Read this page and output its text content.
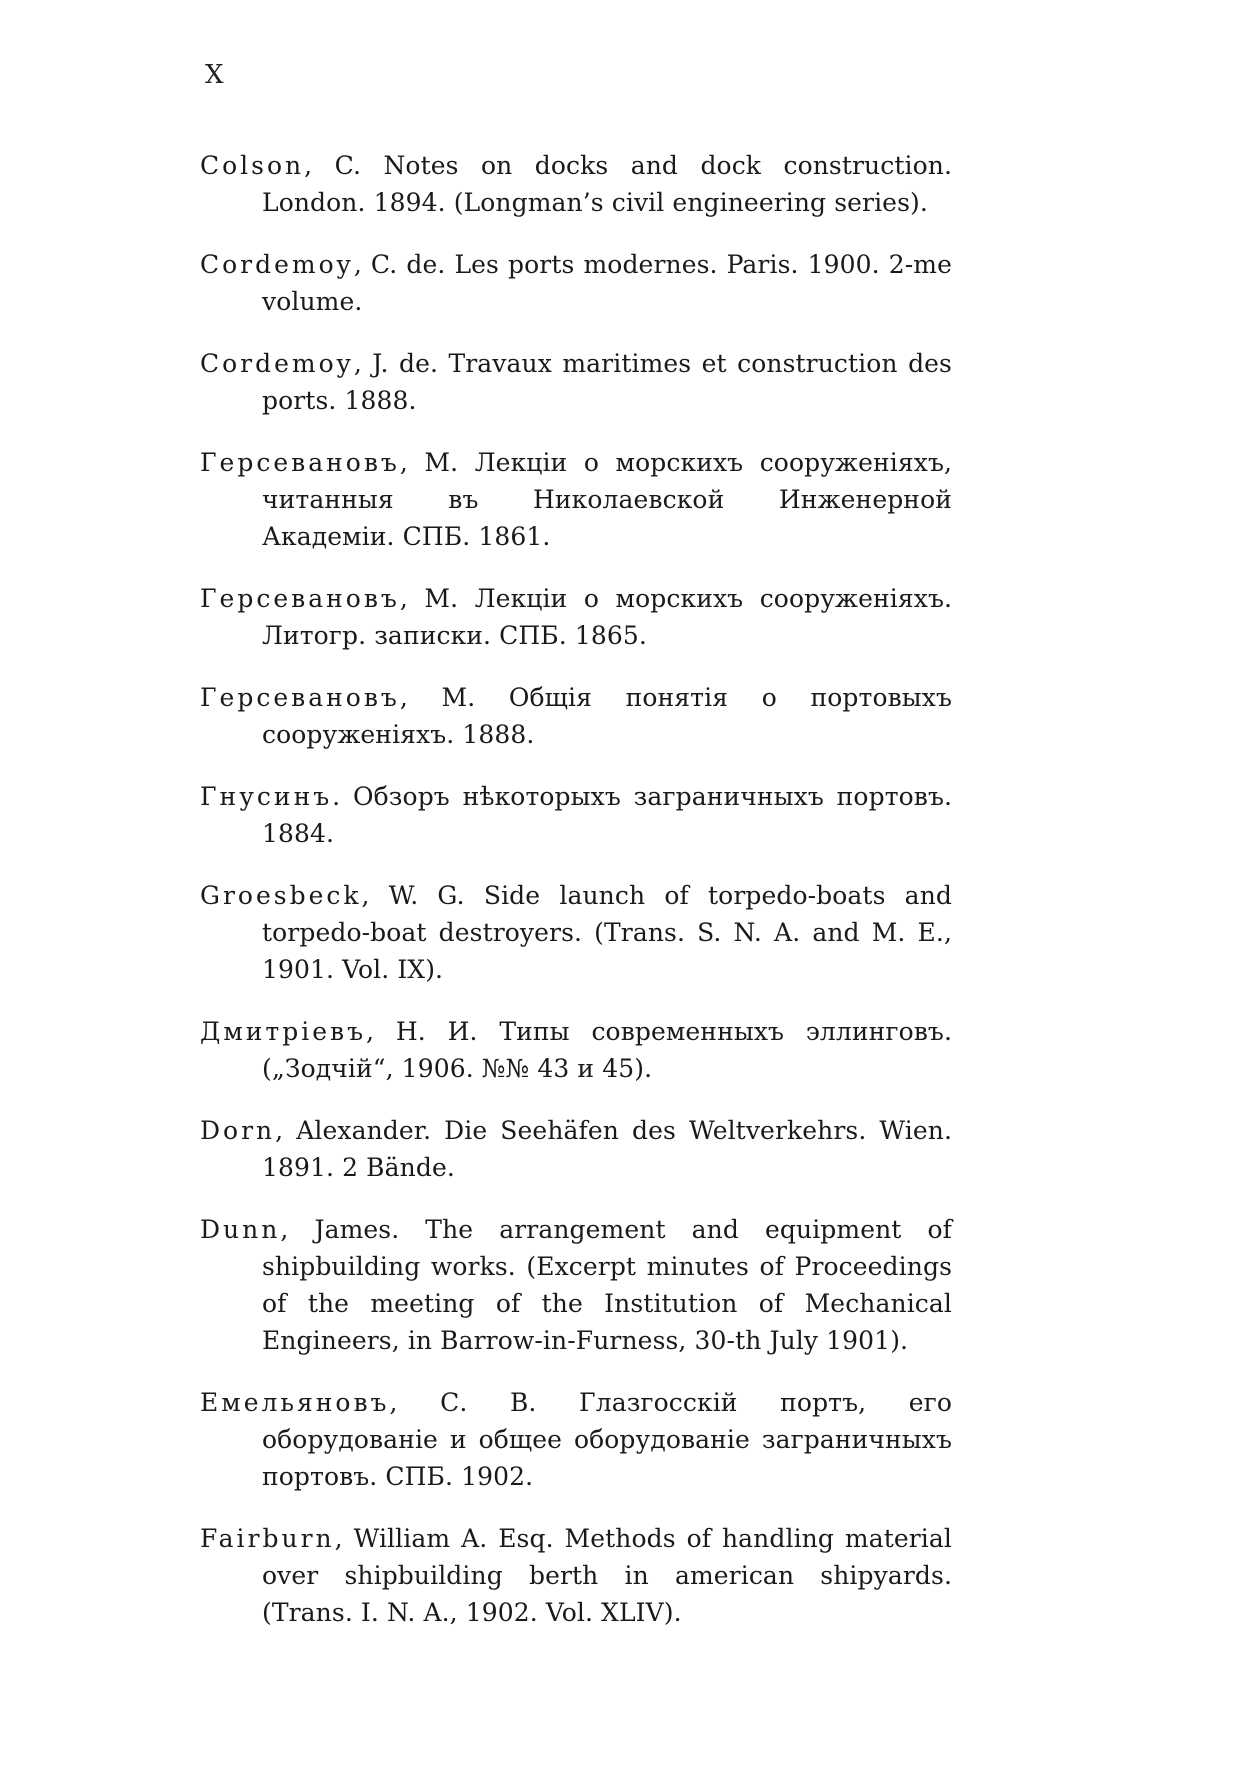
X

Colson, C. Notes on docks and dock construction. London. 1894. (Longman’s civil engineering series).

Cordemoy, C. de. Les ports modernes. Paris. 1900. 2-me volume.

Cordemoy, J. de. Travaux maritimes et construction des ports. 1888.

Герсевановъ, М. Лекціи о морскихъ сооруженіяхъ, читанныя въ Николаевской Инженерной Академіи. СПБ. 1861.

Герсевановъ, М. Лекціи о морскихъ сооруженіяхъ. Литогр. записки. СПБ. 1865.

Герсевановъ, М. Общія понятія о портовыхъ сооруженіяхъ. 1888.

Гнусинъ. Обзоръ нѣкоторыхъ заграничныхъ портовъ. 1884.

Groesbeck, W. G. Side launch of torpedo-boats and torpedo-boat destroyers. (Trans. S. N. A. and M. E., 1901. Vol. IX).

Дмитріевъ, Н. И. Типы современныхъ эллинговъ. („Зодчій“, 1906. №№ 43 и 45).

Dorn, Alexander. Die Seehäfen des Weltverkehrs. Wien. 1891. 2 Bände.

Dunn, James. The arrangement and equipment of shipbuilding works. (Excerpt minutes of Proceedings of the meeting of the Institution of Mechanical Engineers, in Barrow-in-Furness, 30-th July 1901).

Емельяновъ, С. В. Глазгосскій портъ, его оборудованіе и общее оборудованіе заграничныхъ портовъ. СПБ. 1902.

Fairburn, William A. Esq. Methods of handling material over shipbuilding berth in american shipyards. (Trans. I. N. A., 1902. Vol. XLIV).
